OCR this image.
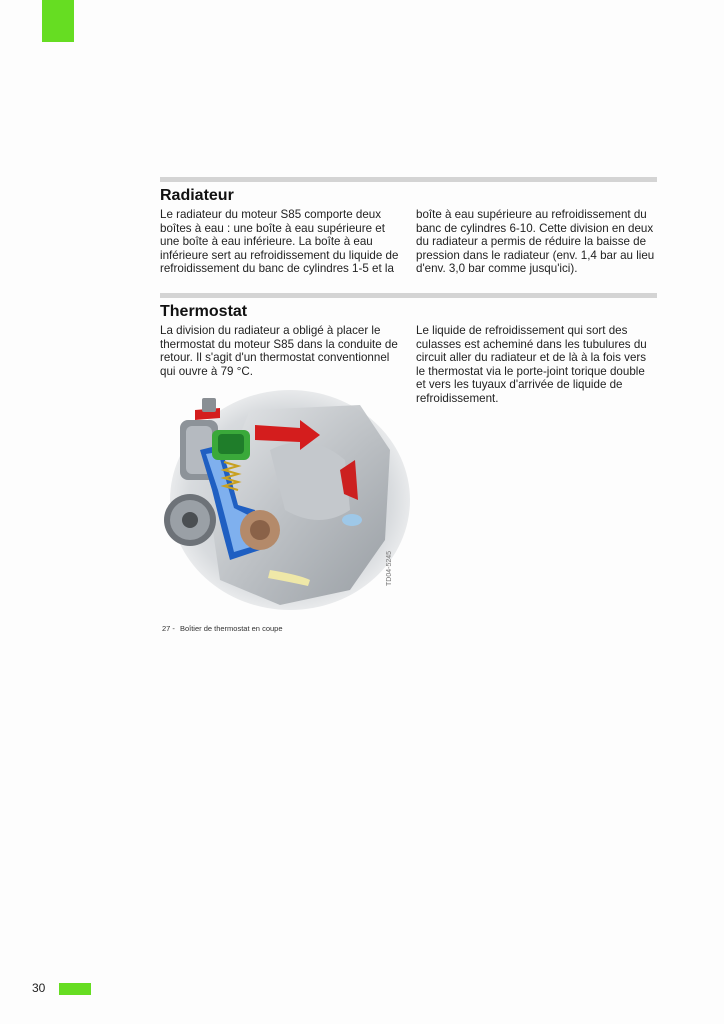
Radiateur
Le radiateur du moteur S85 comporte deux boîtes à eau : une boîte à eau supérieure et une boîte à eau inférieure. La boîte à eau inférieure sert au refroidissement du liquide de refroidissement du banc de cylindres 1-5 et la
boîte à eau supérieure au refroidissement du banc de cylindres 6-10. Cette division en deux du radiateur a permis de réduire la baisse de pression dans le radiateur (env. 1,4 bar au lieu d'env. 3,0 bar comme jusqu'ici).
Thermostat
La division du radiateur a obligé à placer le thermostat du moteur S85 dans la conduite de retour. Il s'agit d'un thermostat conventionnel qui ouvre à 79 °C.
Le liquide de refroidissement qui sort des culasses est acheminé dans les tubulures du circuit aller du radiateur et de là à la fois vers le thermostat via le porte-joint torique double et vers les tuyaux d'arrivée de liquide de refroidissement.
TD04-5245
27 - Boîtier de thermostat en coupe
30
